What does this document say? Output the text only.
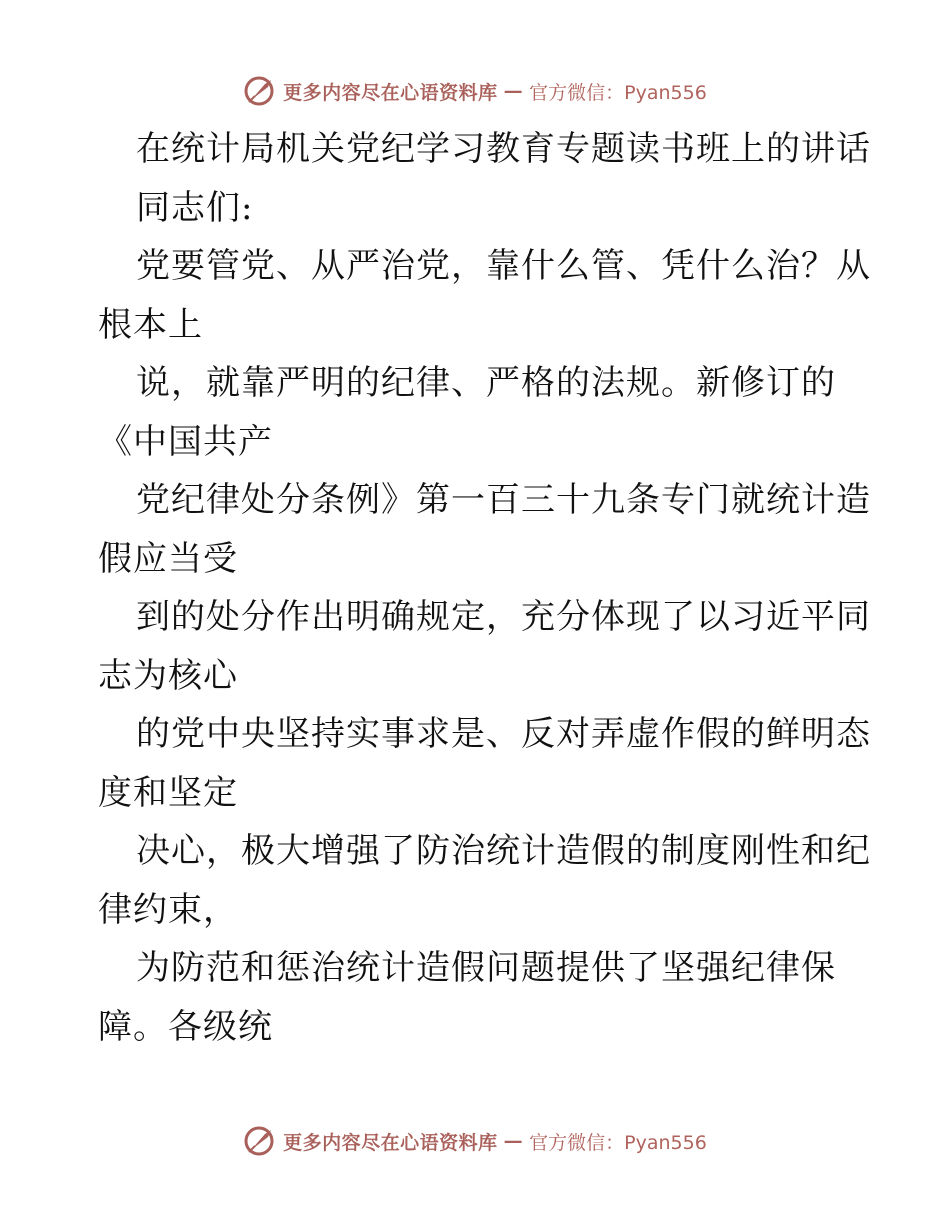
更多内容尽在心语资料库 — 官方微信：Pyan556
在统计局机关党纪学习教育专题读书班上的讲话
同志们:
党要管党、从严治党，靠什么管、凭什么治？从
根本上
说，就靠严明的纪律、严格的法规。新修订的
《中国共产
党纪律处分条例》第一百三十九条专门就统计造
假应当受
到的处分作出明确规定，充分体现了以习近平同
志为核心
的党中央坚持实事求是、反对弄虚作假的鲜明态
度和坚定
决心，极大增强了防治统计造假的制度刚性和纪
律约束，
为防范和惩治统计造假问题提供了坚强纪律保
障。各级统
更多内容尽在心语资料库 — 官方微信：Pyan556
